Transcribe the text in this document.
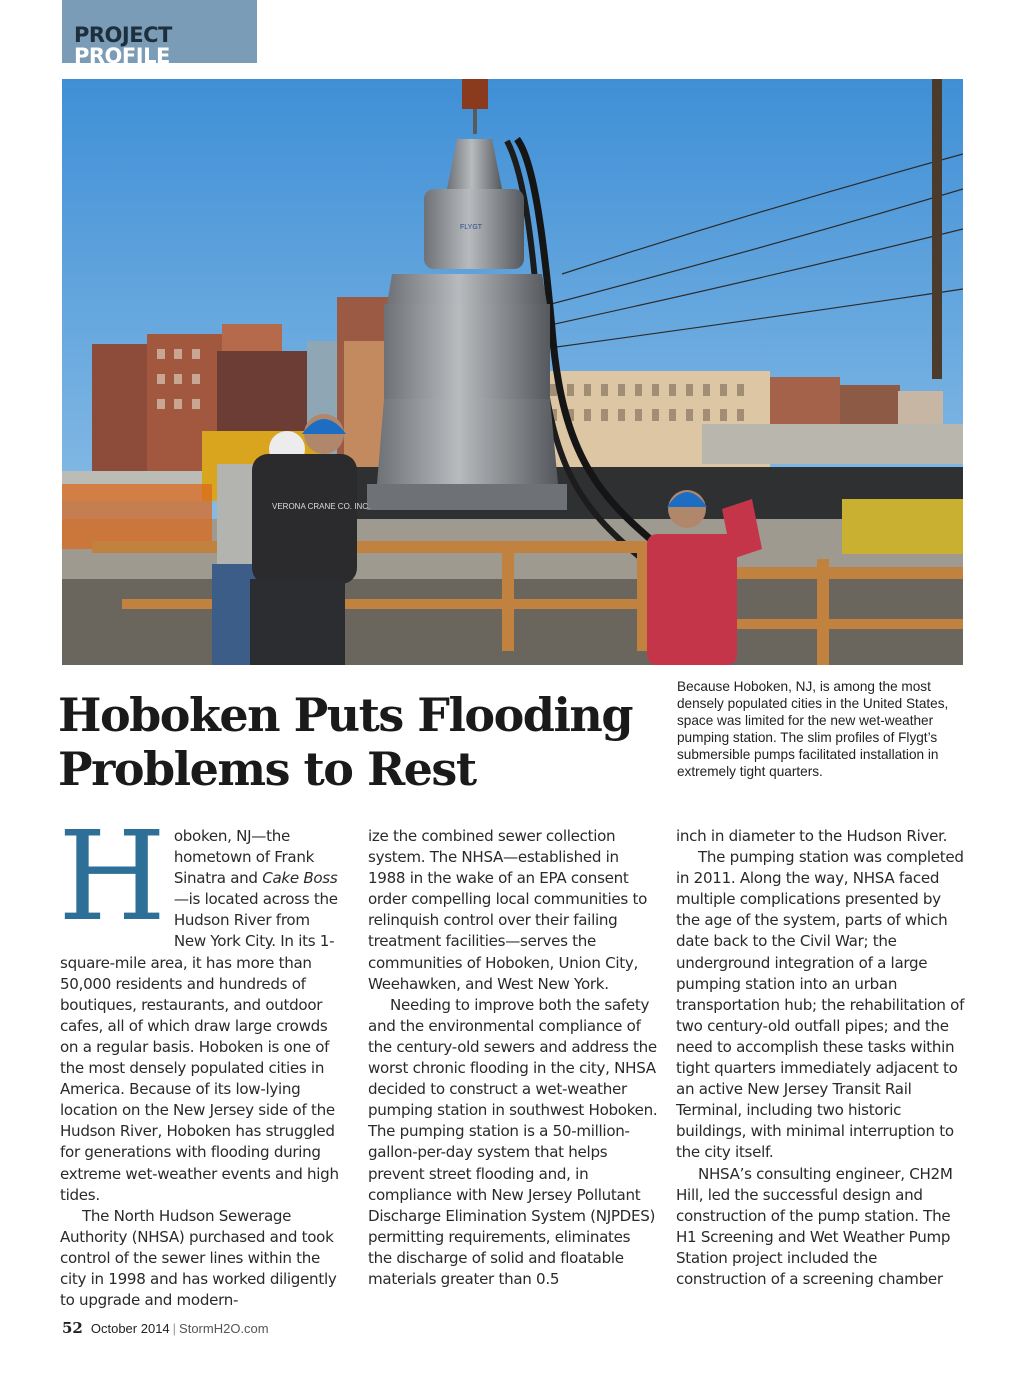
PROJECT PROFILE
FLYGT
VERONA CRANE CO. INC.
Hoboken Puts Flooding Problems to Rest
Because Hoboken, NJ, is among the most densely populated cities in the United States, space was limited for the new wet-weather pumping station. The slim profiles of Flygt’s submersible pumps facilitated installation in extremely tight quarters.

Hoboken, NJ—the hometown of Frank Sinatra and Cake Boss—is located across the Hudson River from New York City. In its 1-square-mile area, it has more than 50,000 residents and hundreds of boutiques, restaurants, and outdoor cafes, all of which draw large crowds on a regular basis. Hoboken is one of the most densely populated cities in America. Because of its low-lying location on the New Jersey side of the Hudson River, Hoboken has struggled for generations with flooding during extreme wet-weather events and high tides.

The North Hudson Sewerage Authority (NHSA) purchased and took control of the sewer lines within the city in 1998 and has worked diligently to upgrade and modern-

ize the combined sewer collection system. The NHSA—established in 1988 in the wake of an EPA consent order compelling local communities to relinquish control over their failing treatment facilities—serves the communities of Hoboken, Union City, Weehawken, and West New York.

Needing to improve both the safety and the environmental compliance of the century-old sewers and address the worst chronic flooding in the city, NHSA decided to construct a wet-weather pumping station in southwest Hoboken. The pumping station is a 50-million-gallon-per-day system that helps prevent street flooding and, in compliance with New Jersey Pollutant Discharge Elimination System (NJPDES) permitting requirements, eliminates the discharge of solid and floatable materials greater than 0.5

inch in diameter to the Hudson River.

The pumping station was completed in 2011. Along the way, NHSA faced multiple complications presented by the age of the system, parts of which date back to the Civil War; the underground integration of a large pumping station into an urban transportation hub; the rehabilitation of two century-old outfall pipes; and the need to accomplish these tasks within tight quarters immediately adjacent to an active New Jersey Transit Rail Terminal, including two historic buildings, with minimal interruption to the city itself.

NHSA’s consulting engineer, CH2M Hill, led the successful design and construction of the pump station. The H1 Screening and Wet Weather Pump Station project included the construction of a screening chamber

52 October 2014 | StormH2O.com
